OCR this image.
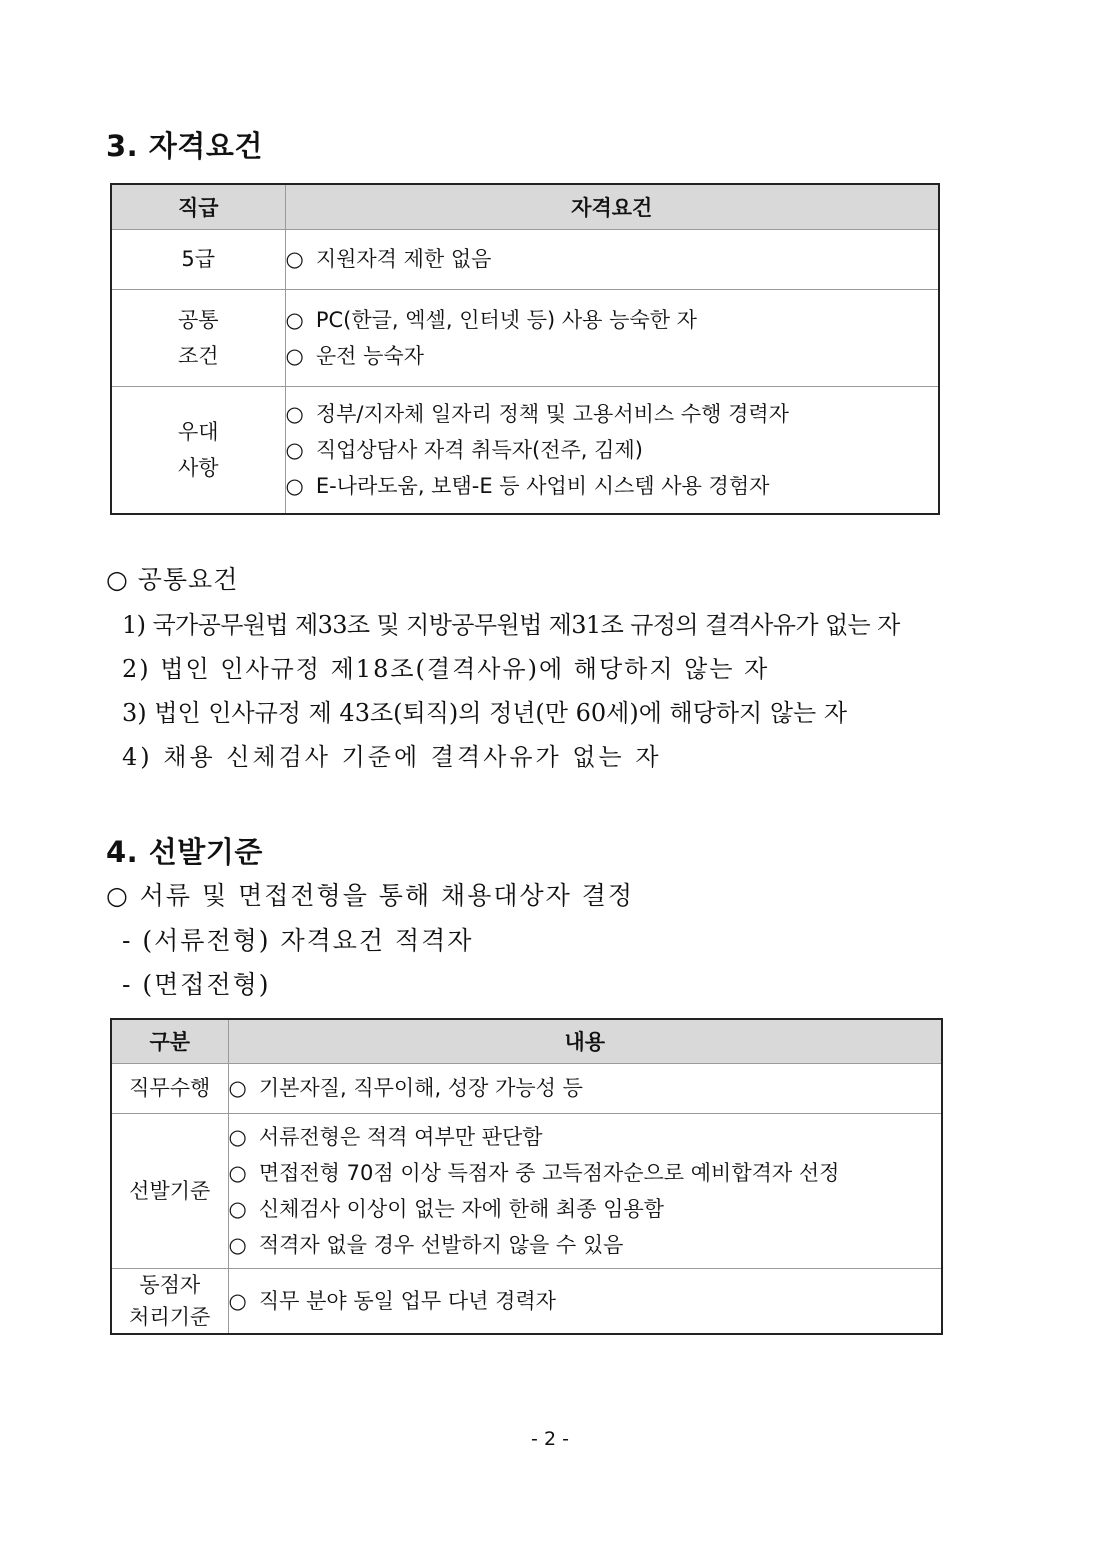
3. 자격요건
직급	자격요건

5급	○ 지원자격 제한 없음

공통
조건	○ PC(한글, 엑셀, 인터넷 등) 사용 능숙한 자
○ 운전 능숙자

우대
사항	○ 정부/지자체 일자리 정책 및 고용서비스 수행 경력자
○ 직업상담사 자격 취득자(전주, 김제)
○ E-나라도움, 보탬-E 등 사업비 시스템 사용 경험자
○ 공통요건
1) 국가공무원법 제33조 및 지방공무원법 제31조 규정의 결격사유가 없는 자
2) 법인 인사규정 제18조(결격사유)에 해당하지 않는 자
3) 법인 인사규정 제 43조(퇴직)의 정년(만 60세)에 해당하지 않는 자
4) 채용 신체검사 기준에 결격사유가 없는 자
4. 선발기준
○ 서류 및 면접전형을 통해 채용대상자 결정
- (서류전형) 자격요건 적격자
- (면접전형)
구분	내용

직무수행	○ 기본자질, 직무이해, 성장 가능성 등

선발기준	○ 서류전형은 적격 여부만 판단함
○ 면접전형 70점 이상 득점자 중 고득점자순으로 예비합격자 선정
○ 신체검사 이상이 없는 자에 한해 최종 임용함
○ 적격자 없을 경우 선발하지 않을 수 있음

동점자
처리기준	○ 직무 분야 동일 업무 다년 경력자
- 2 -
